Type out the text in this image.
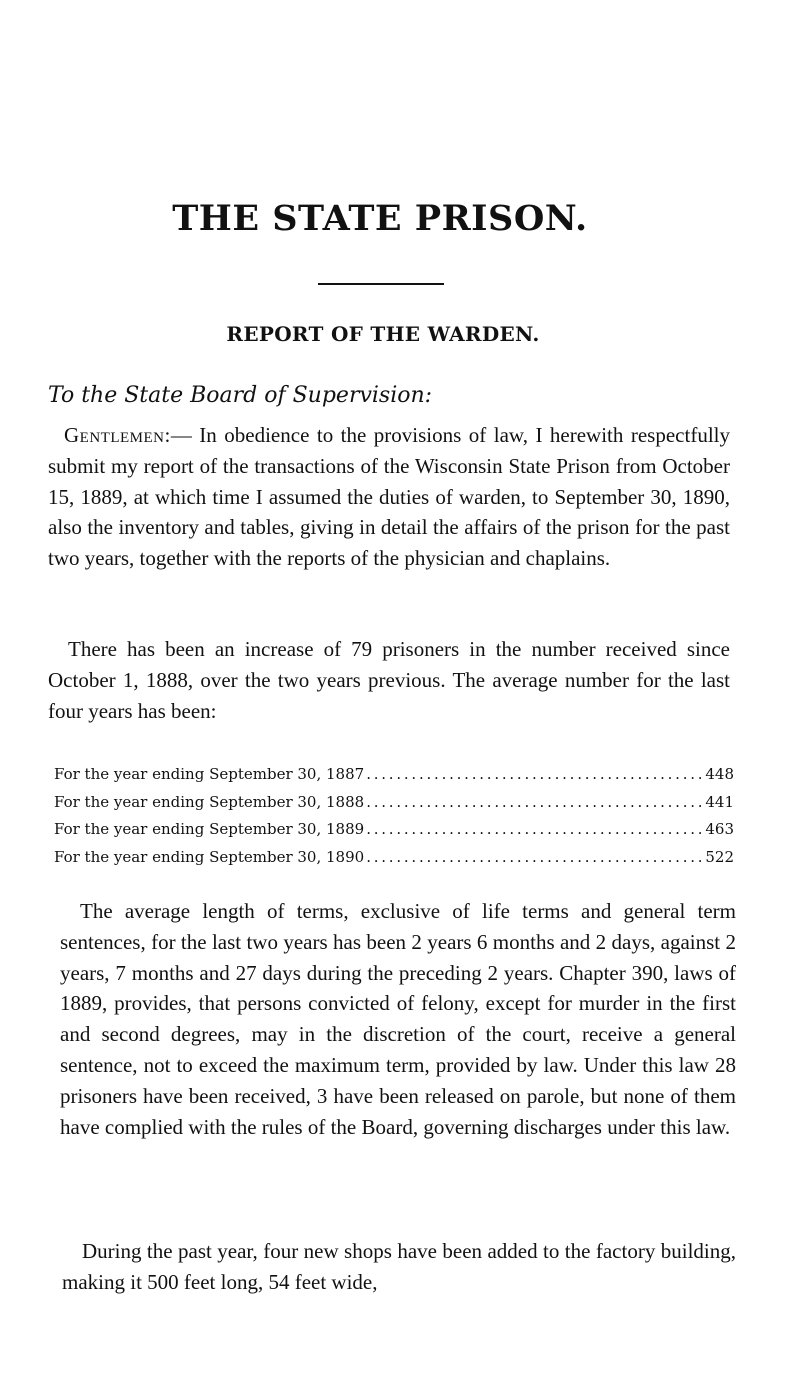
THE STATE PRISON.
REPORT OF THE WARDEN.

To the State Board of Supervision:

Gentlemen:— In obedience to the provisions of law, I herewith respectfully submit my report of the transactions of the Wisconsin State Prison from October 15, 1889, at which time I assumed the duties of warden, to September 30, 1890, also the inventory and tables, giving in detail the affairs of the prison for the past two years, together with the reports of the physician and chaplains.

There has been an increase of 79 prisoners in the number received since October 1, 1888, over the two years previous. The average number for the last four years has been:

For the year ending September 30, 1887 . . .	448
For the year ending September 30, 1888 . . .	441
For the year ending September 30, 1889 . . .	463
For the year ending September 30, 1890 . . .	522

The average length of terms, exclusive of life terms and general term sentences, for the last two years has been 2 years 6 months and 2 days, against 2 years, 7 months and 27 days during the preceding 2 years. Chapter 390, laws of 1889, provides, that persons convicted of felony, except for murder in the first and second degrees, may in the discretion of the court, receive a general sentence, not to exceed the maximum term, provided by law. Under this law 28 prisoners have been received, 3 have been released on parole, but none of them have complied with the rules of the Board, governing discharges under this law.

During the past year, four new shops have been added to the factory building, making it 500 feet long, 54 feet wide,
